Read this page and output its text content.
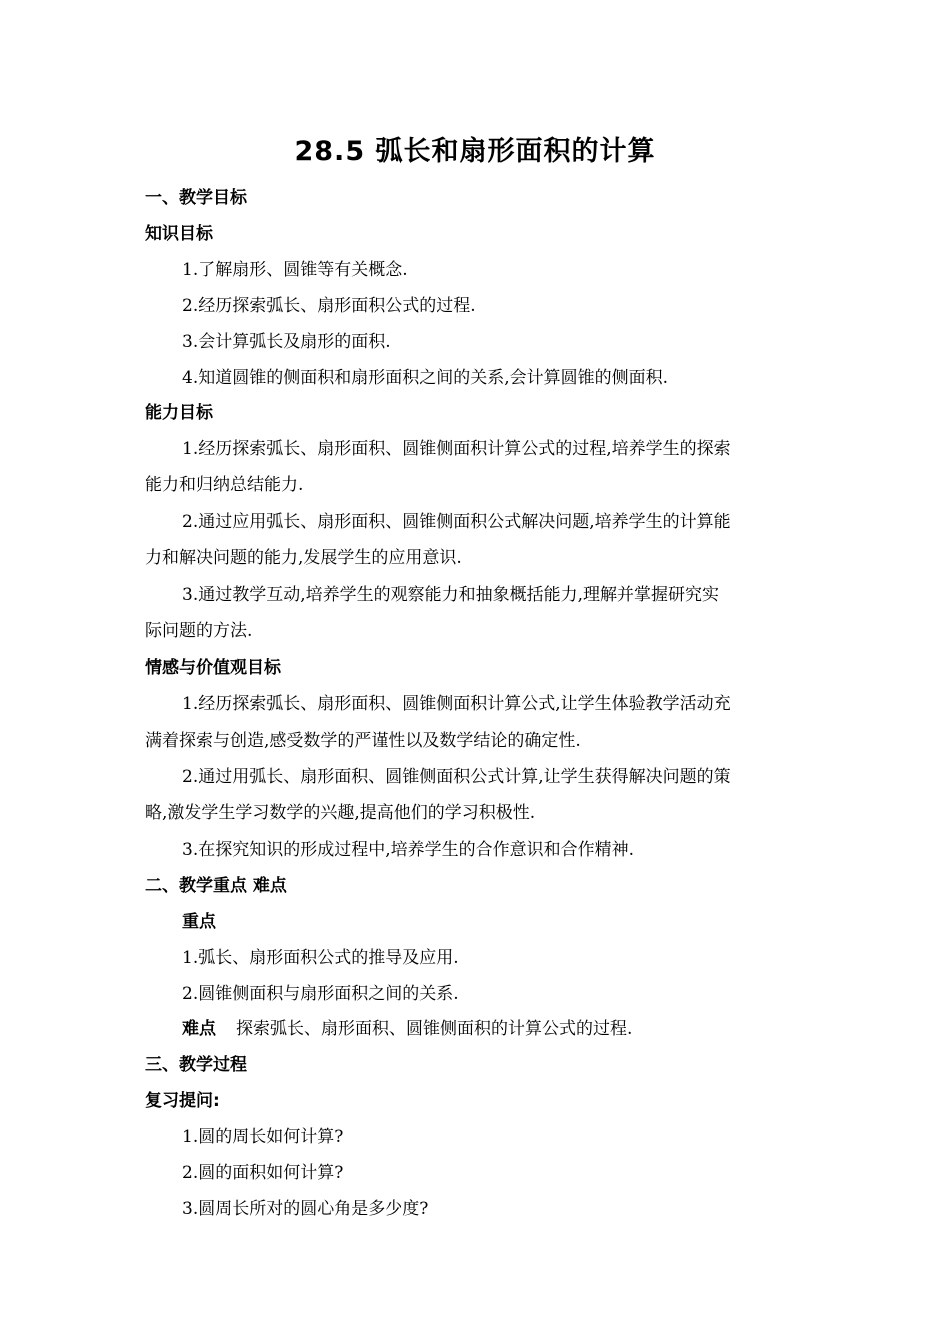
28.5 弧长和扇形面积的计算
一、教学目标
知识目标
1.了解扇形、圆锥等有关概念.
2.经历探索弧长、扇形面积公式的过程.
3.会计算弧长及扇形的面积.
4.知道圆锥的侧面积和扇形面积之间的关系,会计算圆锥的侧面积.
能力目标
1.经历探索弧长、扇形面积、圆锥侧面积计算公式的过程,培养学生的探索
能力和归纳总结能力.
2.通过应用弧长、扇形面积、圆锥侧面积公式解决问题,培养学生的计算能
力和解决问题的能力,发展学生的应用意识.
3.通过教学互动,培养学生的观察能力和抽象概括能力,理解并掌握研究实
际问题的方法.
情感与价值观目标
1.经历探索弧长、扇形面积、圆锥侧面积计算公式,让学生体验教学活动充
满着探索与创造,感受数学的严谨性以及数学结论的确定性.
2.通过用弧长、扇形面积、圆锥侧面积公式计算,让学生获得解决问题的策
略,激发学生学习数学的兴趣,提高他们的学习积极性.
3.在探究知识的形成过程中,培养学生的合作意识和合作精神.
二、教学重点 难点
重点
1.弧长、扇形面积公式的推导及应用.
2.圆锥侧面积与扇形面积之间的关系.
难点 探索弧长、扇形面积、圆锥侧面积的计算公式的过程.
三、教学过程
复习提问:
1.圆的周长如何计算?
2.圆的面积如何计算?
3.圆周长所对的圆心角是多少度?
